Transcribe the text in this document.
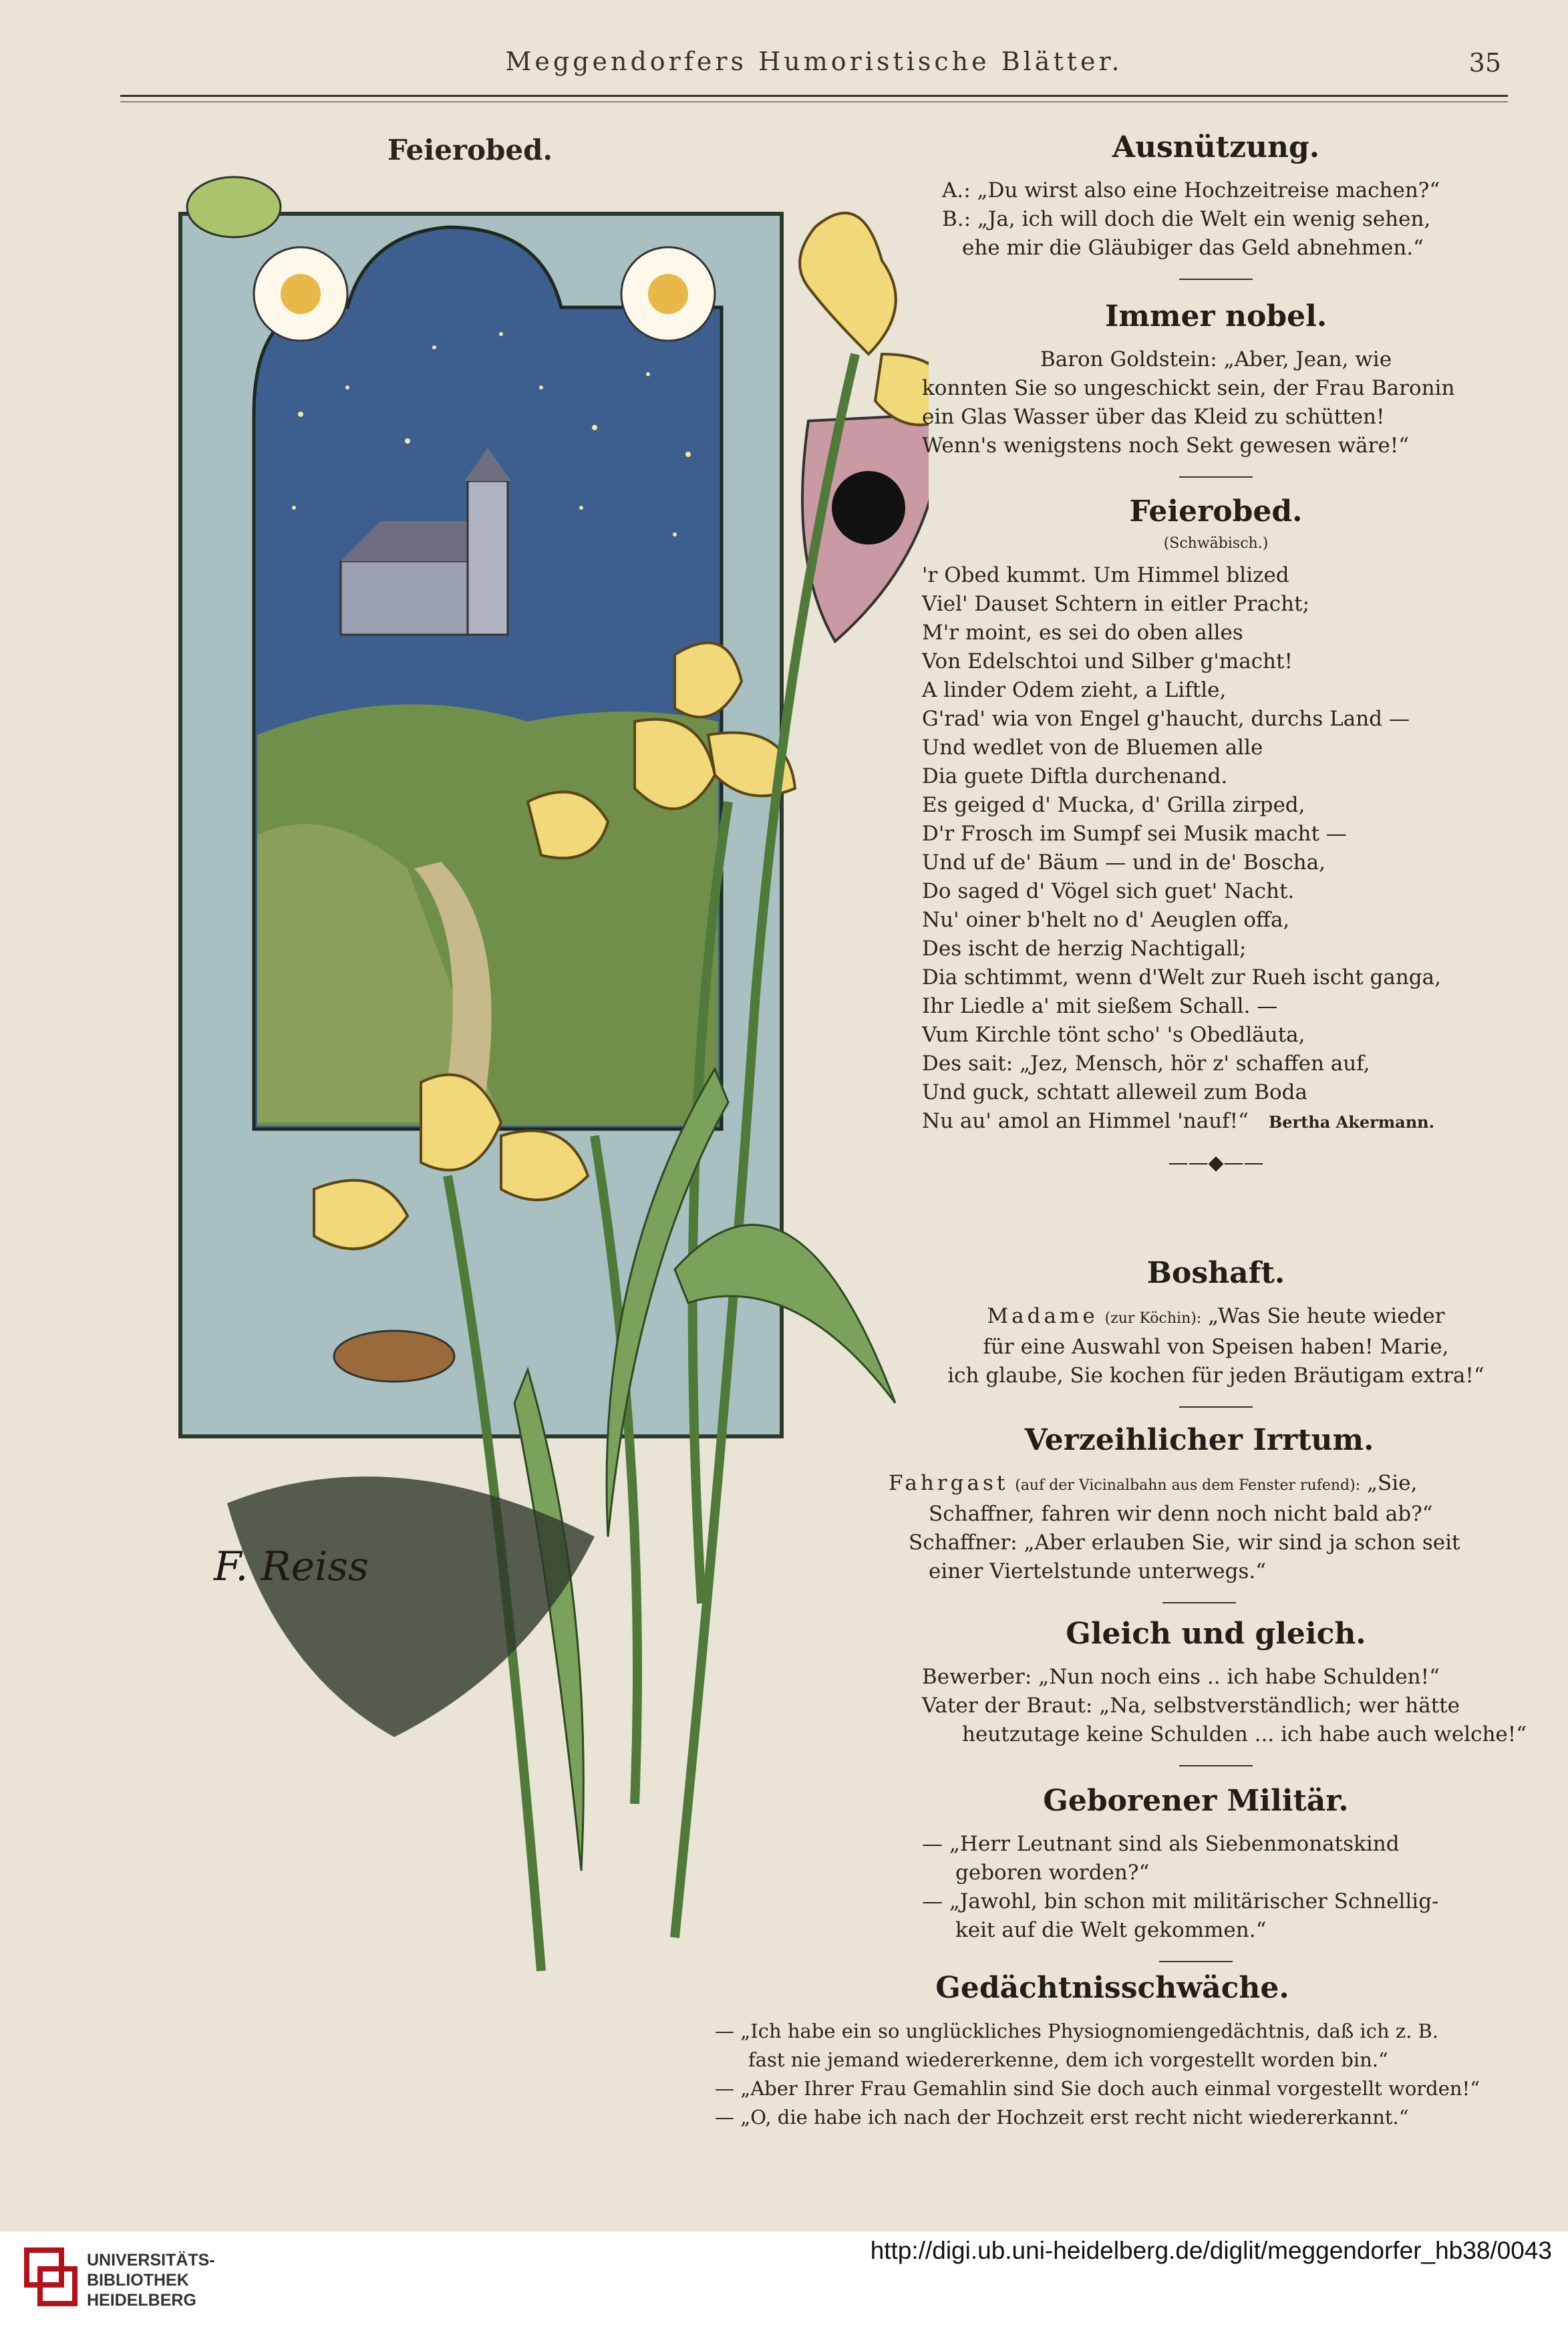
Meggendorfers Humoristische Blätter.	35
Feierobed.
F. Reiss
Ausnützung.
A.: „Du wirst also eine Hochzeitreise machen?“
B.: „Ja, ich will doch die Welt ein wenig sehen,
ehe mir die Gläubiger das Geld abnehmen.“
Immer nobel.
Baron Goldstein: „Aber, Jean, wie
konnten Sie so ungeschickt sein, der Frau Baronin
ein Glas Wasser über das Kleid zu schütten!
Wenn's wenigstens noch Sekt gewesen wäre!“
Feierobed.
(Schwäbisch.)
'r Obed kummt. Um Himmel blized
Viel' Dauset Schtern in eitler Pracht;
M'r moint, es sei do oben alles
Von Edelschtoi und Silber g'macht!
A linder Odem zieht, a Liftle,
G'rad' wia von Engel g'haucht, durchs Land —
Und wedlet von de Bluemen alle
Dia guete Diftla durchenand.
Es geiged d' Mucka, d' Grilla zirped,
D'r Frosch im Sumpf sei Musik macht —
Und uf de' Bäum — und in de' Boscha,
Do saged d' Vögel sich guet' Nacht.
Nu' oiner b'helt no d' Aeuglen offa,
Des ischt de herzig Nachtigall;
Dia schtimmt, wenn d'Welt zur Rueh ischt ganga,
Ihr Liedle a' mit sießem Schall. —
Vum Kirchle tönt scho' 's Obedläuta,
Des sait: „Jez, Mensch, hör z' schaffen auf,
Und guck, schtatt alleweil zum Boda
Nu au' amol an Himmel 'nauf!“ Bertha Akermann.
——◆——
Boshaft.
Madame (zur Köchin): „Was Sie heute wieder
für eine Auswahl von Speisen haben! Marie,
ich glaube, Sie kochen für jeden Bräutigam extra!“
Verzeihlicher Irrtum.
Fahrgast (auf der Vicinalbahn aus dem Fenster rufend): „Sie,
Schaffner, fahren wir denn noch nicht bald ab?“
Schaffner: „Aber erlauben Sie, wir sind ja schon seit
einer Viertelstunde unterwegs.“
Gleich und gleich.
Bewerber: „Nun noch eins .. ich habe Schulden!“
Vater der Braut: „Na, selbstverständlich; wer hätte
heutzutage keine Schulden ... ich habe auch welche!“
Geborener Militär.
— „Herr Leutnant sind als Siebenmonatskind
geboren worden?“
— „Jawohl, bin schon mit militärischer Schnellig-
keit auf die Welt gekommen.“
Gedächtnisschwäche.
— „Ich habe ein so unglückliches Physiognomiengedächtnis, daß ich z. B.
fast nie jemand wiedererkenne, dem ich vorgestellt worden bin.“
— „Aber Ihrer Frau Gemahlin sind Sie doch auch einmal vorgestellt worden!“
— „O, die habe ich nach der Hochzeit erst recht nicht wiedererkannt.“
UNIVERSITÄTS-
BIBLIOTHEK
HEIDELBERG
http://digi.ub.uni-heidelberg.de/diglit/meggendorfer_hb38/0043
